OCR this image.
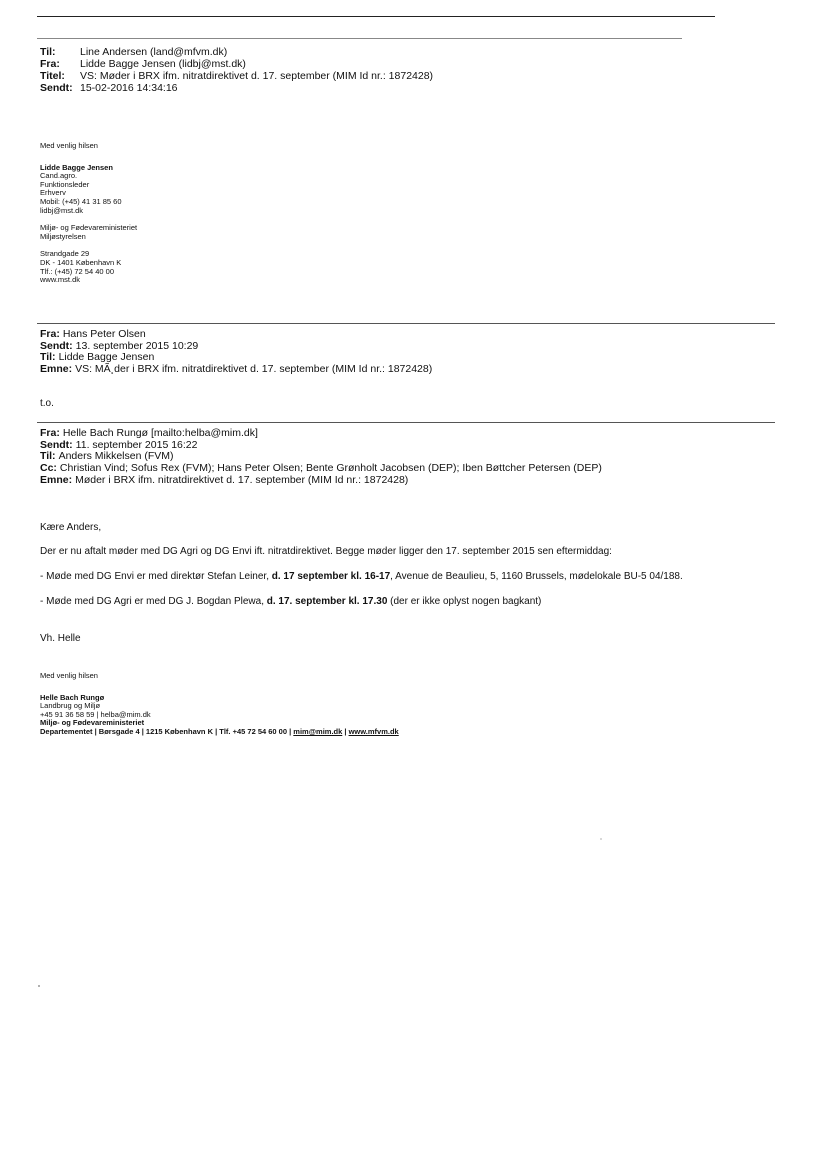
Til: Line Andersen (land@mfvm.dk)
Fra: Lidde Bagge Jensen (lidbj@mst.dk)
Titel: VS: Møder i BRX ifm. nitratdirektivet d. 17. september (MIM Id nr.: 1872428)
Sendt: 15-02-2016 14:34:16
Med venlig hilsen
Lidde Bagge Jensen
Cand.agro.
Funktionsleder
Erhverv
Mobil: (+45) 41 31 85 60
lidbj@mst.dk
Miljø- og Fødevareministeriet
Miljøstyrelsen
Strandgade 29
DK - 1401 København K
Tlf.: (+45) 72 54 40 00
www.mst.dk
Fra: Hans Peter Olsen
Sendt: 13. september 2015 10:29
Til: Lidde Bagge Jensen
Emne: VS: MÃ¸der i BRX ifm. nitratdirektivet d. 17. september (MIM Id nr.: 1872428)
t.o.
Fra: Helle Bach Rungø [mailto:helba@mim.dk]
Sendt: 11. september 2015 16:22
Til: Anders Mikkelsen (FVM)
Cc: Christian Vind; Sofus Rex (FVM); Hans Peter Olsen; Bente Grønholt Jacobsen (DEP); Iben Bøttcher Petersen (DEP)
Emne: Møder i BRX ifm. nitratdirektivet d. 17. september (MIM Id nr.: 1872428)
Kære Anders,
Der er nu aftalt møder med DG Agri og DG Envi ift. nitratdirektivet. Begge møder ligger den 17. september 2015 sen eftermiddag:
- Møde med DG Envi er med direktør Stefan Leiner, d. 17 september kl. 16-17, Avenue de Beaulieu, 5, 1160 Brussels, mødelokale BU-5 04/188.
- Møde med DG Agri er med DG J. Bogdan Plewa, d. 17. september kl. 17.30 (der er ikke oplyst nogen bagkant)
Vh. Helle
Med venlig hilsen
Helle Bach Rungø
Landbrug og Miljø
+45 91 36 58 59 | helba@mim.dk
Miljø- og Fødevareministeriet
Departementet | Børsgade 4 | 1215 København K | Tlf. +45 72 54 60 00 | mim@mim.dk | www.mfvm.dk
